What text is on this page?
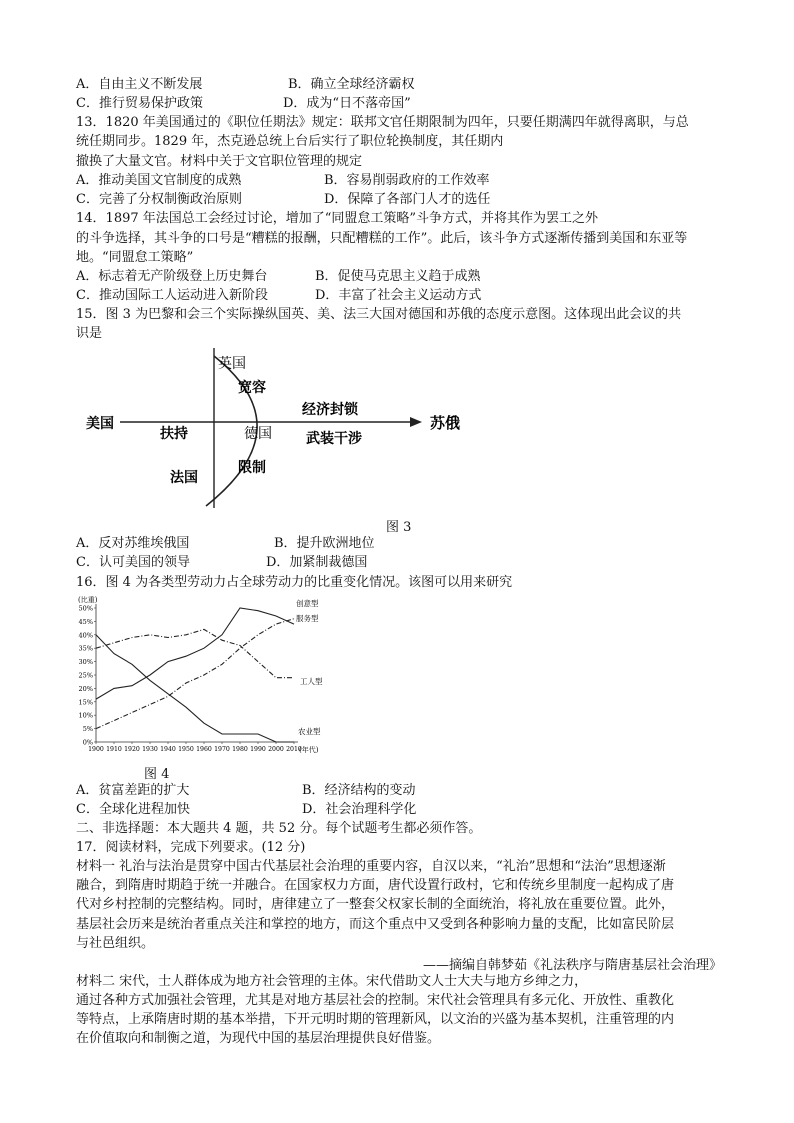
A．自由主义不断发展	B．确立全球经济霸权
C．推行贸易保护政策	D．成为“日不落帝国”
13．1820 年美国通过的《职位任期法》规定：联邦文官任期限制为四年，只要任期满四年就得离职，与总
统任期同步。1829 年，杰克逊总统上台后实行了职位轮换制度，其任期内
撤换了大量文官。材料中关于文官职位管理的规定
A．推动美国文官制度的成熟	B．容易削弱政府的工作效率
C．完善了分权制衡政治原则	D．保障了各部门人才的选任
14．1897 年法国总工会经过讨论，增加了“同盟怠工策略”斗争方式，并将其作为罢工之外
的斗争选择，其斗争的口号是“糟糕的报酬，只配糟糕的工作”。此后，该斗争方式逐渐传播到美国和东亚等
地。“同盟怠工策略”
A．标志着无产阶级登上历史舞台	B．促使马克思主义趋于成熟
C．推动国际工人运动进入新阶段	D．丰富了社会主义运动方式
15．图 3 为巴黎和会三个实际操纵国英、美、法三大国对德国和苏俄的态度示意图。这体现出此会议的共
识是
英国
宽容
美国
扶持	德国
经济封锁
武装干涉
苏俄
限制
法国
图 3
A．反对苏维埃俄国	B．提升欧洲地位
C．认可美国的领导	D．加紧制裁德国
16．图 4 为各类型劳动力占全球劳动力的比重变化情况。该图可以用来研究
(比重)
0%
5%
10%
15%
20%
25%
30%
35%
40%
45%
50%
1900 1910 1920 1930 1940 1950 1960 1970 1980 1990 2000 2010
(年代)
创意型
服务型
工人型
农业型
图 4
A．贫富差距的扩大	B．经济结构的变动
C．全球化进程加快	D．社会治理科学化
二、非选择题：本大题共 4 题，共 52 分。每个试题考生都必须作答。
17．阅读材料，完成下列要求。(12 分)
材料一 礼治与法治是贯穿中国古代基层社会治理的重要内容，自汉以来，“礼治”思想和“法治”思想逐渐
融合，到隋唐时期趋于统一并融合。在国家权力方面，唐代设置行政村，它和传统乡里制度一起构成了唐
代对乡村控制的完整结构。同时，唐律建立了一整套父权家长制的全面统治，将礼放在重要位置。此外，
基层社会历来是统治者重点关注和掌控的地方，而这个重点中又受到各种影响力量的支配，比如富民阶层
与社邑组织。
——摘编自韩梦茹《礼法秩序与隋唐基层社会治理》
材料二 宋代，士人群体成为地方社会管理的主体。宋代借助文人士大夫与地方乡绅之力，
通过各种方式加强社会管理，尤其是对地方基层社会的控制。宋代社会管理具有多元化、开放性、重教化
等特点，上承隋唐时期的基本举措，下开元明时期的管理新风，以文治的兴盛为基本契机，注重管理的内
在价值取向和制衡之道，为现代中国的基层治理提供良好借鉴。
